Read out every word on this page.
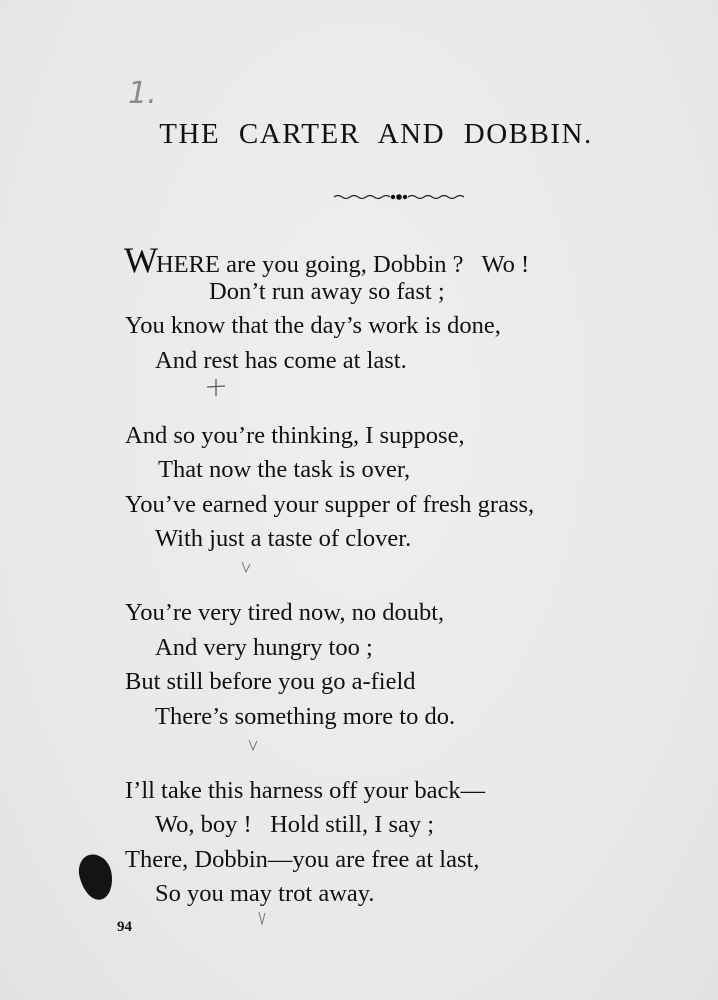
1.
THE CARTER AND DOBBIN.
WHERE are you going, Dobbin ?   Wo !
Don’t run away so fast ;
You know that the day’s work is done,
And rest has come at last.
And so you’re thinking, I suppose,
That now the task is over,
You’ve earned your supper of fresh grass,
With just a taste of clover.
You’re very tired now, no doubt,
And very hungry too ;
But still before you go a-field
There’s something more to do.
I’ll take this harness off your back—
Wo, boy !   Hold still, I say ;
There, Dobbin—you are free at last,
So you may trot away.
94
